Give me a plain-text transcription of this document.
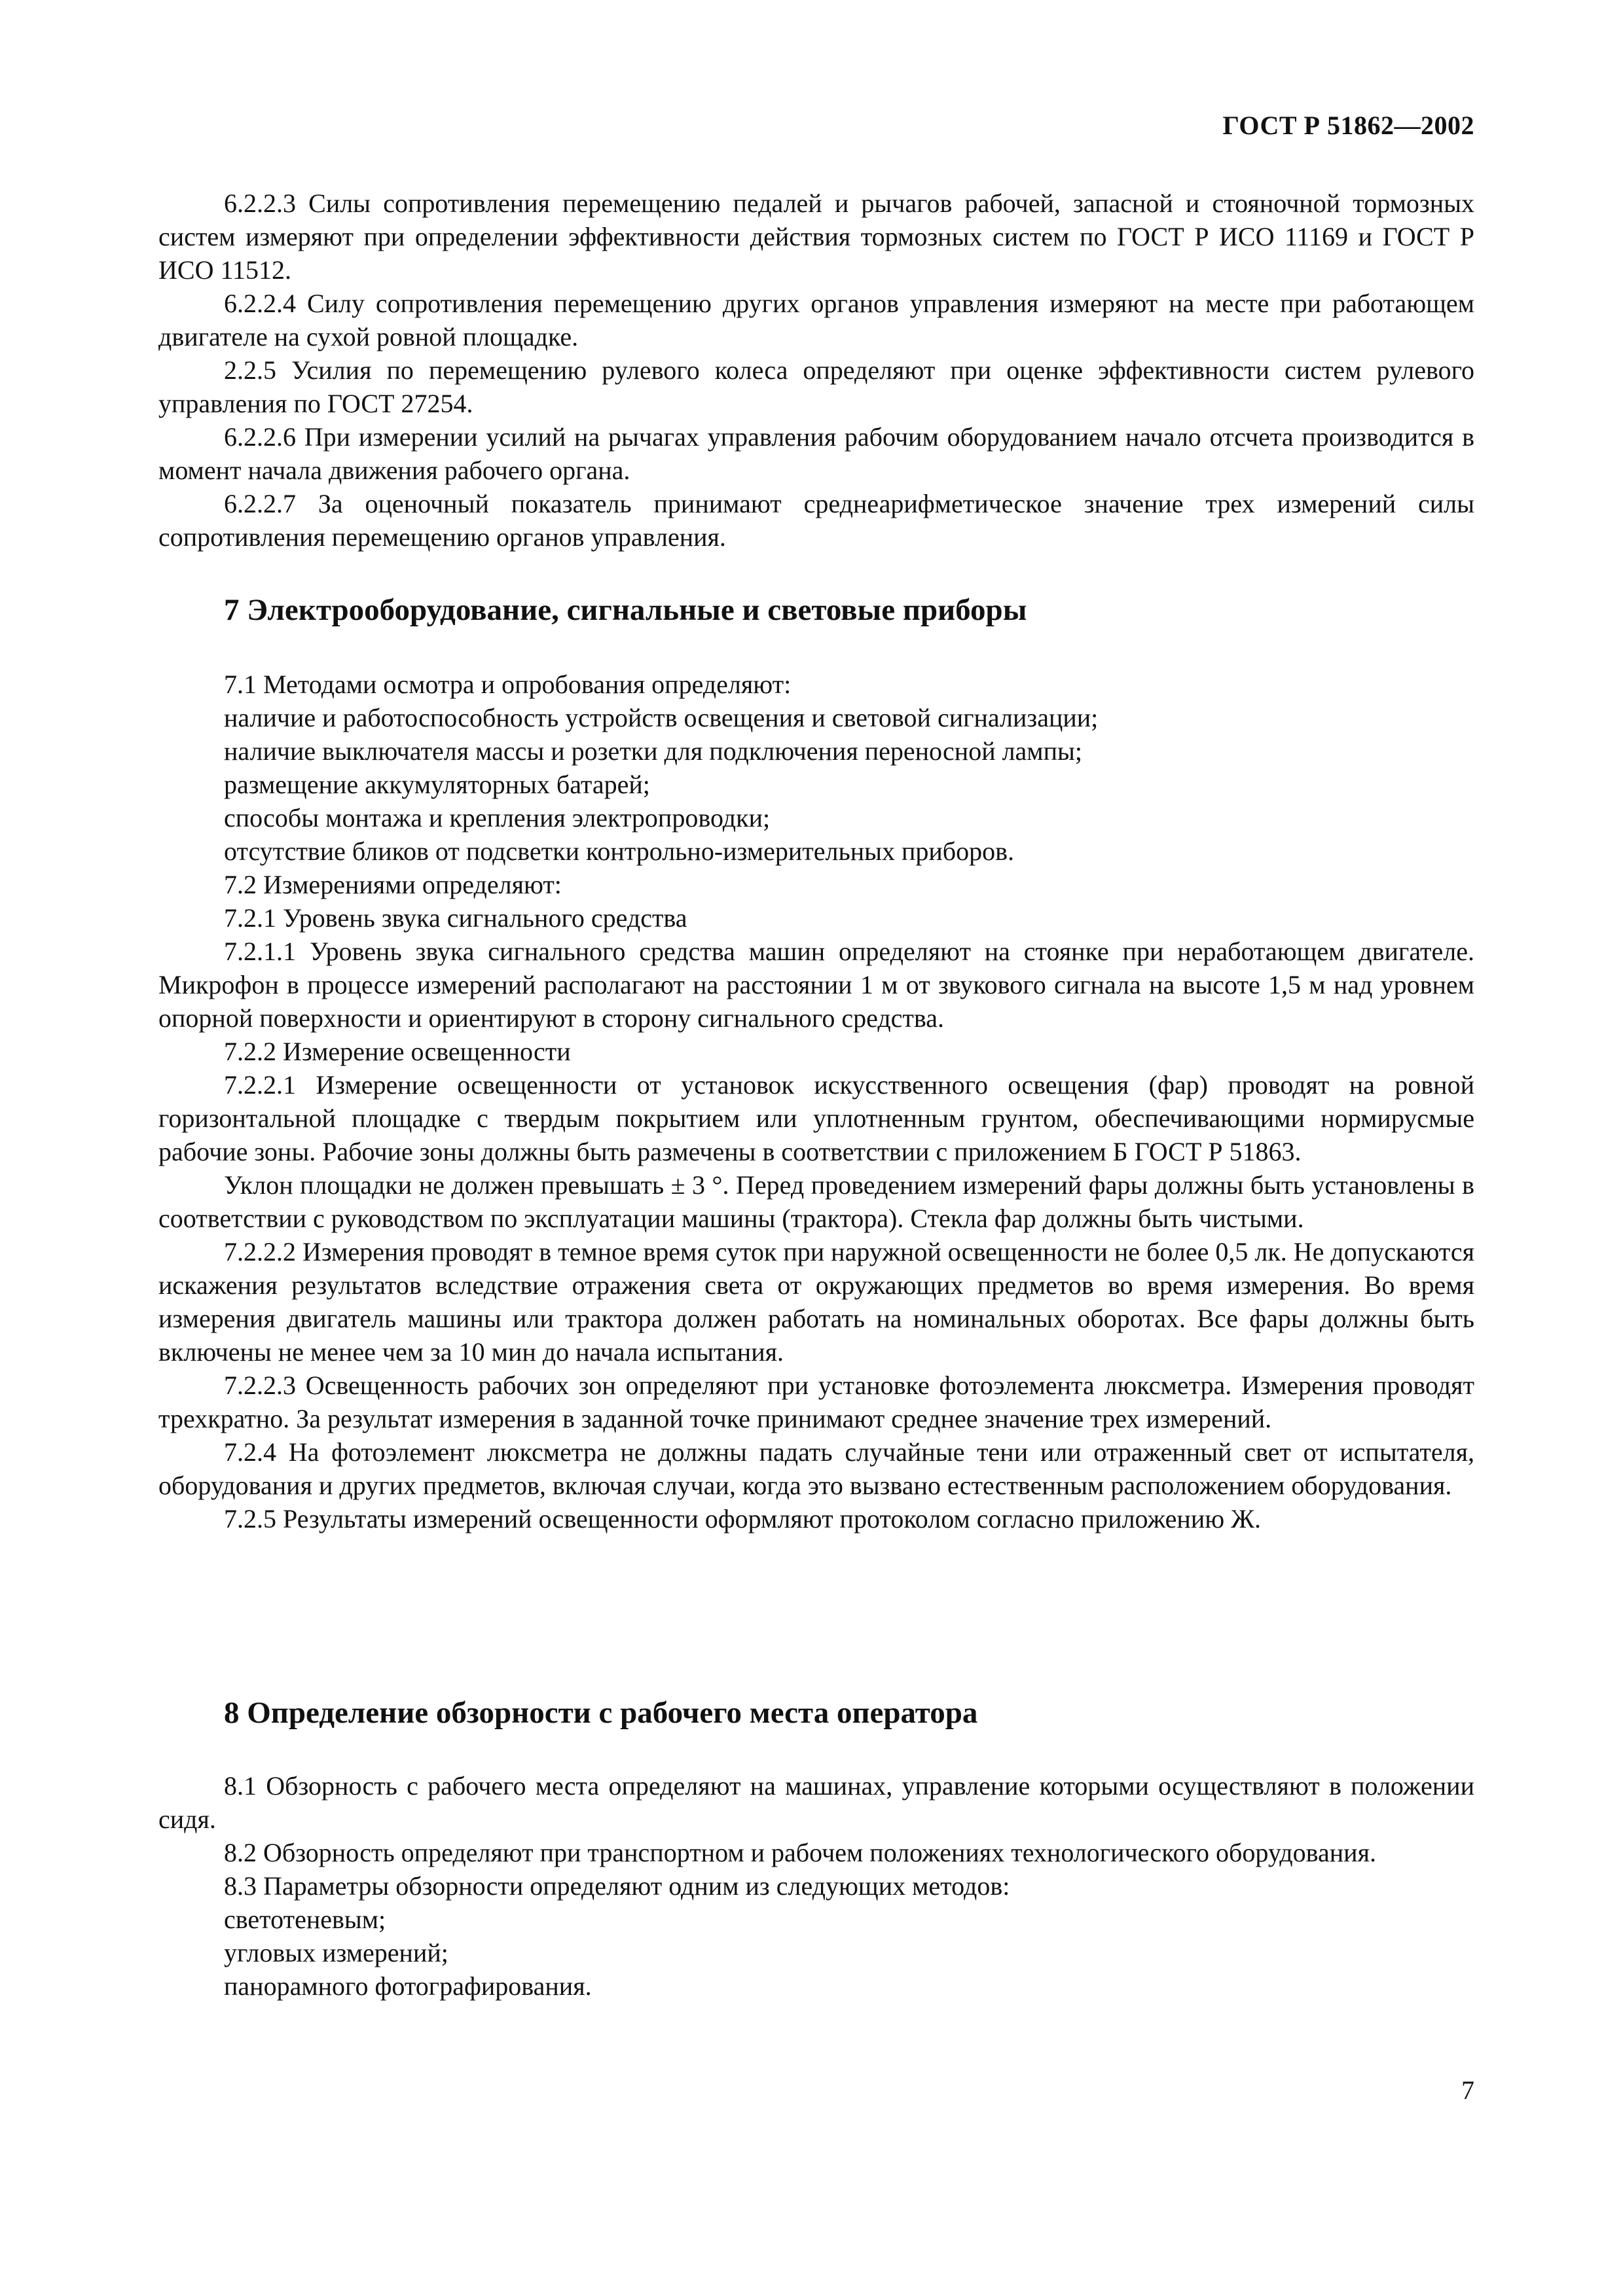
ГОСТ Р 51862—2002

6.2.2.3 Силы сопротивления перемещению педалей и рычагов рабочей, запасной и стояночной тормозных систем измеряют при определении эффективности действия тормозных систем по ГОСТ Р ИСО 11169 и ГОСТ Р ИСО 11512.

6.2.2.4 Силу сопротивления перемещению других органов управления измеряют на месте при работающем двигателе на сухой ровной площадке.

2.2.5 Усилия по перемещению рулевого колеса определяют при оценке эффективности систем рулевого управления по ГОСТ 27254.

6.2.2.6 При измерении усилий на рычагах управления рабочим оборудованием начало отсчета производится в момент начала движения рабочего органа.

6.2.2.7 За оценочный показатель принимают среднеарифметическое значение трех измерений силы сопротивления перемещению органов управления.

7 Электрооборудование, сигнальные и световые приборы

7.1 Методами осмотра и опробования определяют:

наличие и работоспособность устройств освещения и световой сигнализации;

наличие выключателя массы и розетки для подключения переносной лампы;

размещение аккумуляторных батарей;

способы монтажа и крепления электропроводки;

отсутствие бликов от подсветки контрольно-измерительных приборов.

7.2 Измерениями определяют:

7.2.1 Уровень звука сигнального средства

7.2.1.1 Уровень звука сигнального средства машин определяют на стоянке при неработающем двигателе. Микрофон в процессе измерений располагают на расстоянии 1 м от звукового сигнала на высоте 1,5 м над уровнем опорной поверхности и ориентируют в сторону сигнального средства.

7.2.2 Измерение освещенности

7.2.2.1 Измерение освещенности от установок искусственного освещения (фар) проводят на ровной горизонтальной площадке с твердым покрытием или уплотненным грунтом, обеспечивающими нормирусмые рабочие зоны. Рабочие зоны должны быть размечены в соответствии с приложением Б ГОСТ Р 51863.

Уклон площадки не должен превышать ± 3 °. Перед проведением измерений фары должны быть установлены в соответствии с руководством по эксплуатации машины (трактора). Стекла фар должны быть чистыми.

7.2.2.2 Измерения проводят в темное время суток при наружной освещенности не более 0,5 лк. Не допускаются искажения результатов вследствие отражения света от окружающих предметов во время измерения. Во время измерения двигатель машины или трактора должен работать на номинальных оборотах. Все фары должны быть включены не менее чем за 10 мин до начала испытания.

7.2.2.3 Освещенность рабочих зон определяют при установке фотоэлемента люксметра. Измерения проводят трехкратно. За результат измерения в заданной точке принимают среднее значение трех измерений.

7.2.4 На фотоэлемент люксметра не должны падать случайные тени или отраженный свет от испытателя, оборудования и других предметов, включая случаи, когда это вызвано естественным расположением оборудования.

7.2.5 Результаты измерений освещенности оформляют протоколом согласно приложению Ж.

8 Определение обзорности с рабочего места оператора

8.1 Обзорность с рабочего места определяют на машинах, управление которыми осуществляют в положении сидя.

8.2 Обзорность определяют при транспортном и рабочем положениях технологического оборудования.

8.3 Параметры обзорности определяют одним из следующих методов:

светотеневым;

угловых измерений;

панорамного фотографирования.

7
